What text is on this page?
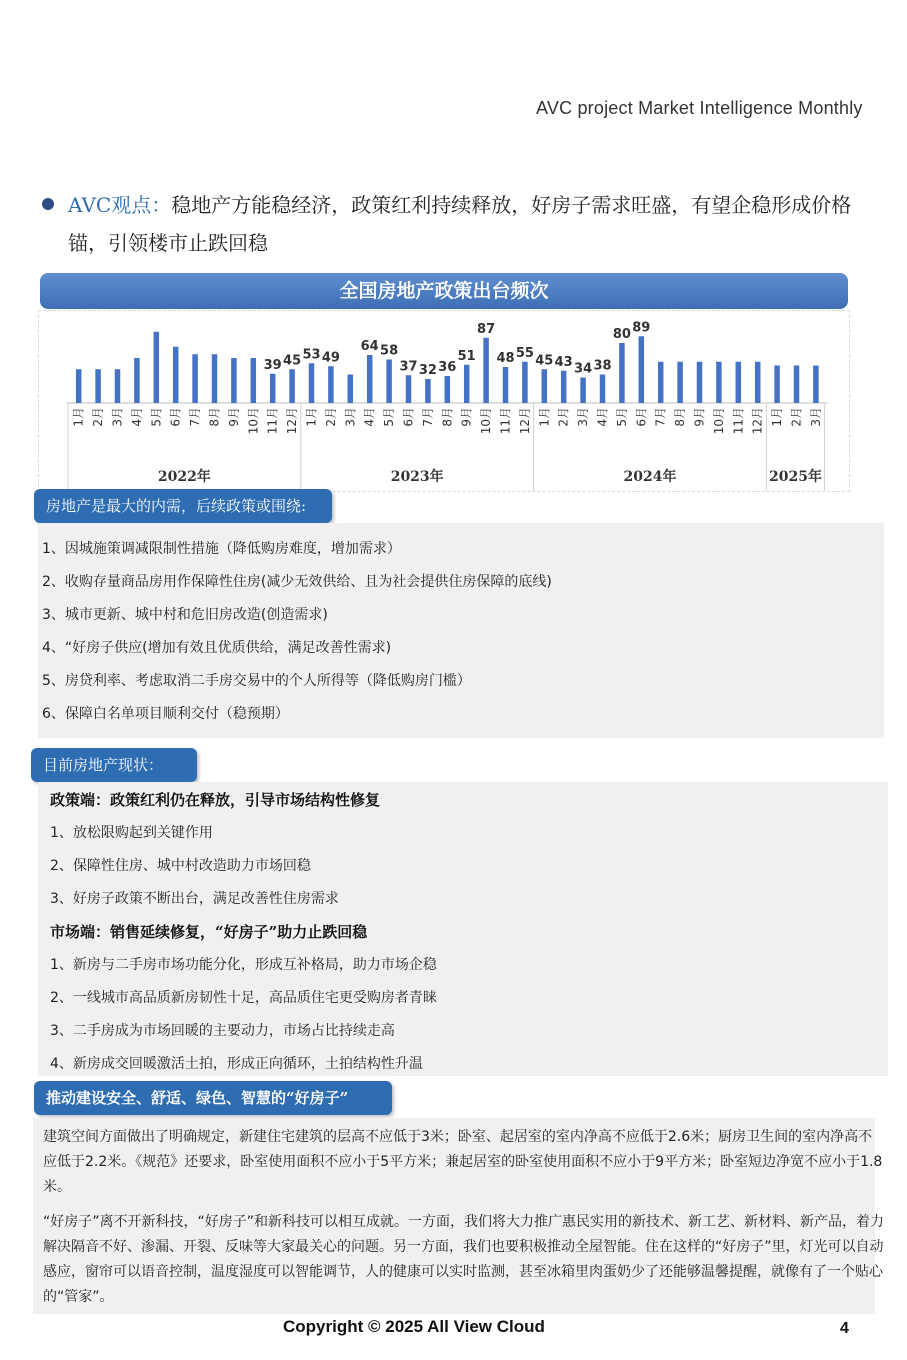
AVC project Market Intelligence Monthly
AVC观点：稳地产方能稳经济，政策红利持续释放，好房子需求旺盛，有望企稳形成价格锚，引领楼市止跌回稳
全国房地产政策出台频次
1月 2月 3月 4月 5月 6月 7月 8月 9月 10月
39
11月
45
12月
53
1月
49
2月 3月
64
4月
58
5月
37
6月
32
7月
36
8月
51
9月
87
10月
48
11月
55
12月
45
1月
43
2月
34
3月
38
4月
80
5月
89
6月 7月 8月 9月 10月 11月 12月 1月 2月 3月
2022年	2023年	2024年	2025年
房地产是最大的内需，后续政策或围绕:
1、因城施策调减限制性措施（降低购房难度，增加需求）
2、收购存量商品房用作保障性住房(减少无效供给、且为社会提供住房保障的底线)
3、城市更新、城中村和危旧房改造(创造需求)
4、“好房子供应(增加有效且优质供给，满足改善性需求)
5、房贷利率、考虑取消二手房交易中的个人所得等（降低购房门槛）
6、保障白名单项目顺利交付（稳预期）
目前房地产现状：
政策端：政策红利仍在释放，引导市场结构性修复
1、放松限购起到关键作用
2、保障性住房、城中村改造助力市场回稳
3、好房子政策不断出台，满足改善性住房需求
市场端：销售延续修复，“好房子”助力止跌回稳
1、新房与二手房市场功能分化，形成互补格局，助力市场企稳
2、一线城市高品质新房韧性十足，高品质住宅更受购房者青睐
3、二手房成为市场回暖的主要动力，市场占比持续走高
4、新房成交回暖激活土拍，形成正向循环，土拍结构性升温
推动建设安全、舒适、绿色、智慧的“好房子”

建筑空间方面做出了明确规定，新建住宅建筑的层高不应低于3米；卧室、起居室的室内净高不应低于2.6米；厨房卫生间的室内净高不应低于2.2米。《规范》还要求，卧室使用面积不应小于5平方米；兼起居室的卧室使用面积不应小于9平方米；卧室短边净宽不应小于1.8米。

“好房子”离不开新科技，“好房子”和新科技可以相互成就。一方面，我们将大力推广惠民实用的新技术、新工艺、新材料、新产品，着力解决隔音不好、渗漏、开裂、反味等大家最关心的问题。另一方面，我们也要积极推动全屋智能。住在这样的“好房子”里，灯光可以自动感应，窗帘可以语音控制，温度湿度可以智能调节，人的健康可以实时监测，甚至冰箱里肉蛋奶少了还能够温馨提醒，就像有了一个贴心的“管家”。

Copyright © 2025 All View Cloud	4
